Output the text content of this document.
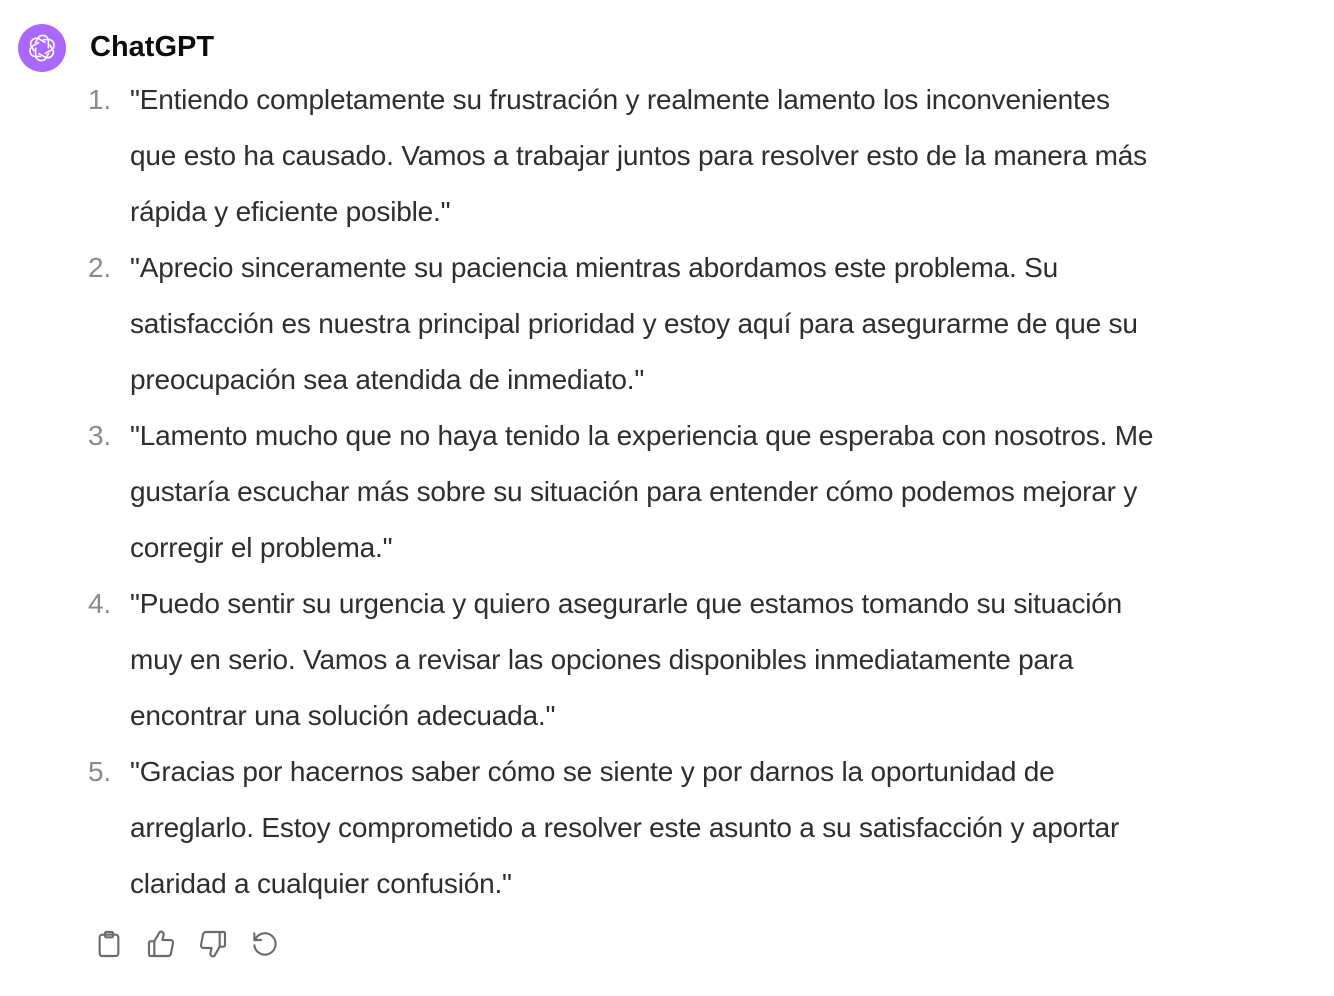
ChatGPT
1. "Entiendo completamente su frustración y realmente lamento los inconvenientes
que esto ha causado. Vamos a trabajar juntos para resolver esto de la manera más
rápida y eficiente posible."
2. "Aprecio sinceramente su paciencia mientras abordamos este problema. Su
satisfacción es nuestra principal prioridad y estoy aquí para asegurarme de que su
preocupación sea atendida de inmediato."
3. "Lamento mucho que no haya tenido la experiencia que esperaba con nosotros. Me
gustaría escuchar más sobre su situación para entender cómo podemos mejorar y
corregir el problema."
4. "Puedo sentir su urgencia y quiero asegurarle que estamos tomando su situación
muy en serio. Vamos a revisar las opciones disponibles inmediatamente para
encontrar una solución adecuada."
5. "Gracias por hacernos saber cómo se siente y por darnos la oportunidad de
arreglarlo. Estoy comprometido a resolver este asunto a su satisfacción y aportar
claridad a cualquier confusión."
